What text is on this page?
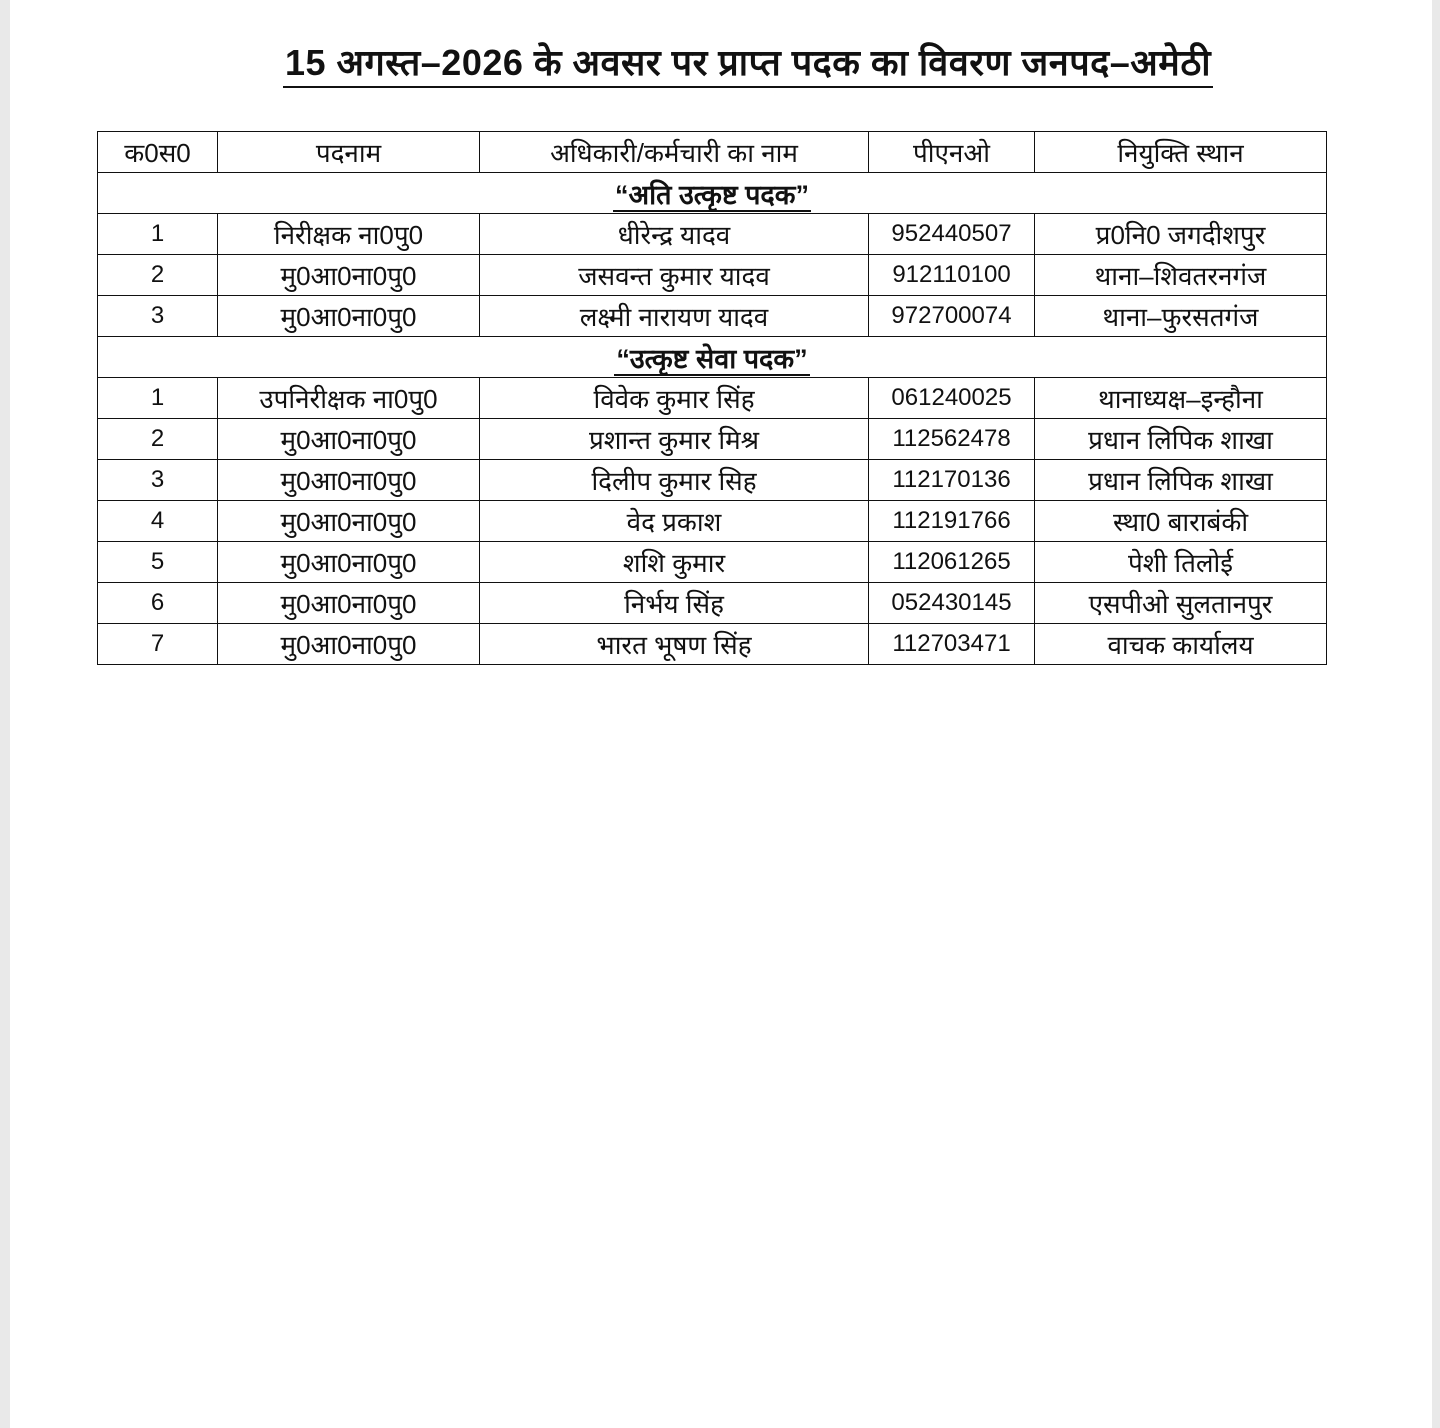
15 अगस्त–2026 के अवसर पर प्राप्त पदक का विवरण जनपद–अमेठी
क0स0	पदनाम	अधिकारी/कर्मचारी का नाम	पीएनओ	नियुक्ति स्थान
“अति उत्कृष्ट पदक”				
1	निरीक्षक ना0पु0	धीरेन्द्र यादव	952440507	प्र0नि0 जगदीशपुर
2	मु0आ0ना0पु0	जसवन्त कुमार यादव	912110100	थाना–शिवतरनगंज
3	मु0आ0ना0पु0	लक्ष्मी नारायण यादव	972700074	थाना–फुरसतगंज
“उत्कृष्ट सेवा पदक”				
1	उपनिरीक्षक ना0पु0	विवेक कुमार सिंह	061240025	थानाध्यक्ष–इन्हौना
2	मु0आ0ना0पु0	प्रशान्त कुमार मिश्र	112562478	प्रधान लिपिक शाखा
3	मु0आ0ना0पु0	दिलीप कुमार सिह	112170136	प्रधान लिपिक शाखा
4	मु0आ0ना0पु0	वेद प्रकाश	112191766	स्था0 बाराबंकी
5	मु0आ0ना0पु0	शशि कुमार	112061265	पेशी तिलोई
6	मु0आ0ना0पु0	निर्भय सिंह	052430145	एसपीओ सुलतानपुर
7	मु0आ0ना0पु0	भारत भूषण सिंह	112703471	वाचक कार्यालय
